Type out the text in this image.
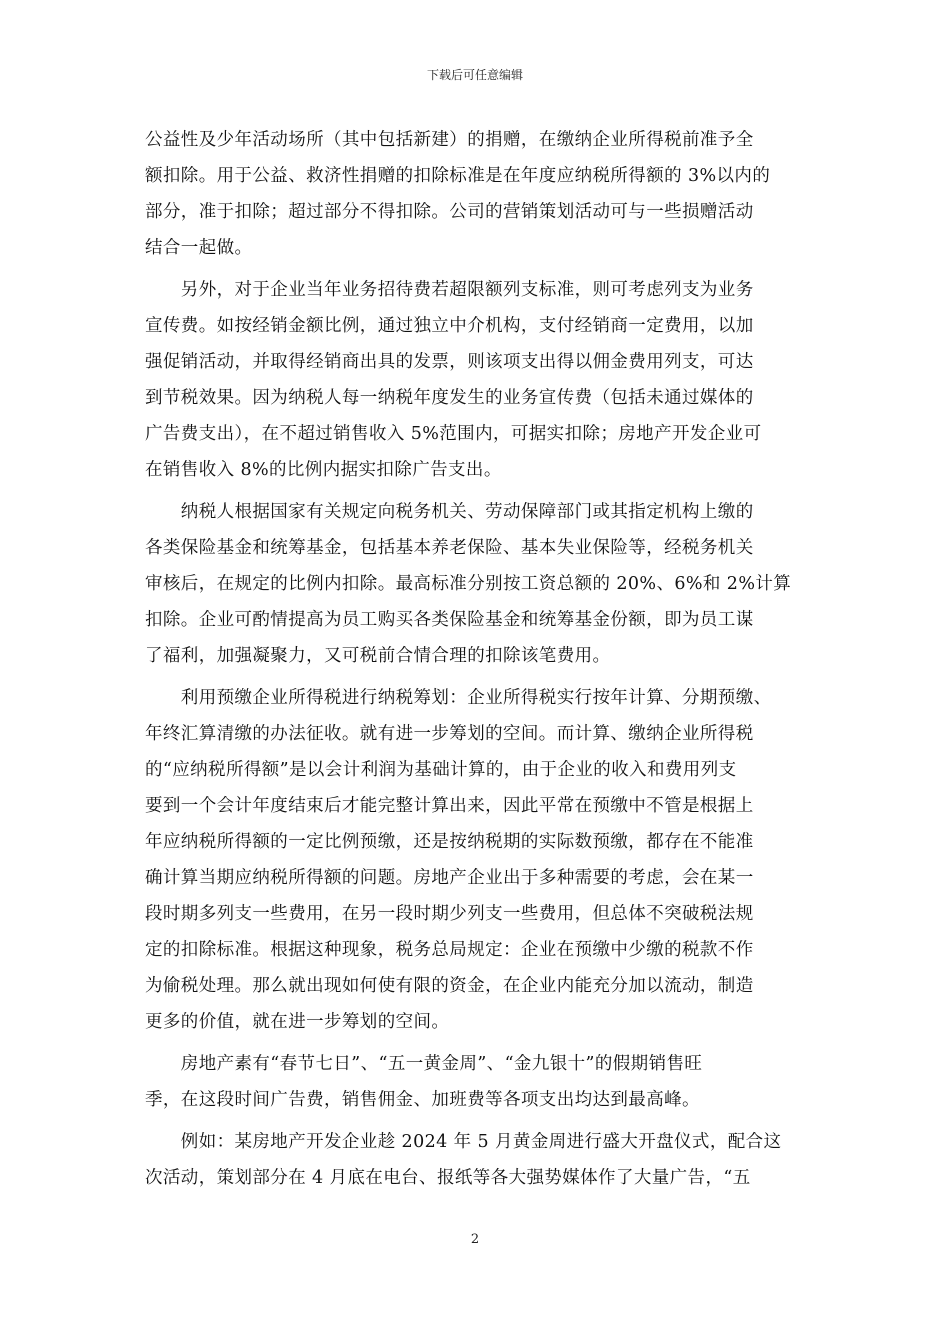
下载后可任意编辑
公益性及少年活动场所（其中包括新建）的捐赠，在缴纳企业所得税前准予全
额扣除。用于公益、救济性捐赠的扣除标准是在年度应纳税所得额的 3%以内的
部分，准于扣除；超过部分不得扣除。公司的营销策划活动可与一些损赠活动
结合一起做。
　　另外，对于企业当年业务招待费若超限额列支标准，则可考虑列支为业务
宣传费。如按经销金额比例，通过独立中介机构，支付经销商一定费用，以加
强促销活动，并取得经销商出具的发票，则该项支出得以佣金费用列支，可达
到节税效果。因为纳税人每一纳税年度发生的业务宣传费（包括未通过媒体的
广告费支出），在不超过销售收入 5%范围内，可据实扣除；房地产开发企业可
在销售收入 8%的比例内据实扣除广告支出。
　　纳税人根据国家有关规定向税务机关、劳动保障部门或其指定机构上缴的
各类保险基金和统筹基金，包括基本养老保险、基本失业保险等，经税务机关
审核后，在规定的比例内扣除。最高标准分别按工资总额的 20%、6%和 2%计算
扣除。企业可酌情提高为员工购买各类保险基金和统筹基金份额，即为员工谋
了福利，加强凝聚力，又可税前合情合理的扣除该笔费用。
　　利用预缴企业所得税进行纳税筹划：企业所得税实行按年计算、分期预缴、
年终汇算清缴的办法征收。就有进一步筹划的空间。而计算、缴纳企业所得税
的“应纳税所得额”是以会计利润为基础计算的，由于企业的收入和费用列支
要到一个会计年度结束后才能完整计算出来，因此平常在预缴中不管是根据上
年应纳税所得额的一定比例预缴，还是按纳税期的实际数预缴，都存在不能准
确计算当期应纳税所得额的问题。房地产企业出于多种需要的考虑，会在某一
段时期多列支一些费用，在另一段时期少列支一些费用，但总体不突破税法规
定的扣除标准。根据这种现象，税务总局规定：企业在预缴中少缴的税款不作
为偷税处理。那么就出现如何使有限的资金，在企业内能充分加以流动，制造
更多的价值，就在进一步筹划的空间。
　　房地产素有“春节七日”、“五一黄金周”、“金九银十”的假期销售旺
季，在这段时间广告费，销售佣金、加班费等各项支出均达到最高峰。
　　例如：某房地产开发企业趁 2024 年 5 月黄金周进行盛大开盘仪式，配合这
次活动，策划部分在 4 月底在电台、报纸等各大强势媒体作了大量广告，“五
2
